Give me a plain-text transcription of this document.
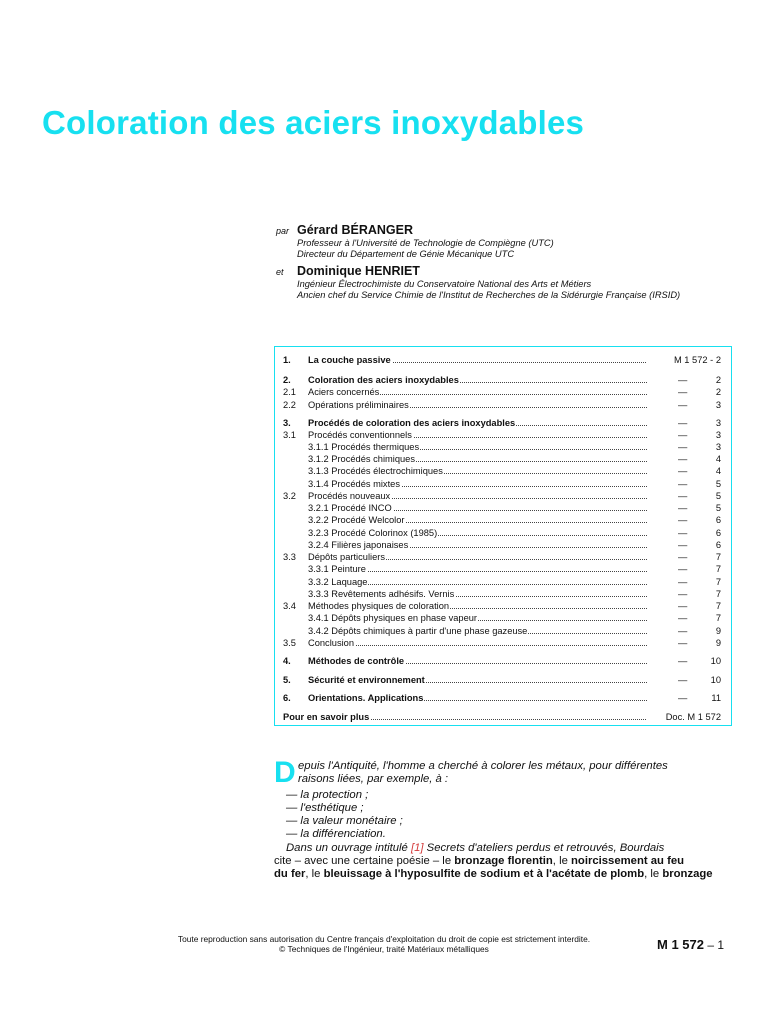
Coloration des aciers inoxydables
par Gérard BÉRANGER
Professeur à l'Université de Technologie de Compiègne (UTC)
Directeur du Département de Génie Mécanique UTC
et	Dominique HENRIET
Ingénieur Électrochimiste du Conservatoire National des Arts et Métiers
Ancien chef du Service Chimie de l'Institut de Recherches de la Sidérurgie Française (IRSID)
1. La couche passive	M 1 572 - 2
2. Coloration des aciers inoxydables	—	2
2.1 Aciers concernés	—	2
2.2 Opérations préliminaires	—	3
3. Procédés de coloration des aciers inoxydables	—	3
3.1 Procédés conventionnels	—	3
3.1.1 Procédés thermiques	—	3
3.1.2 Procédés chimiques	—	4
3.1.3 Procédés électrochimiques	—	4
3.1.4 Procédés mixtes	—	5
3.2 Procédés nouveaux	—	5
3.2.1 Procédé INCO	—	5
3.2.2 Procédé Welcolor	—	6
3.2.3 Procédé Colorinox (1985)	—	6
3.2.4 Filières japonaises	—	6
3.3 Dépôts particuliers	—	7
3.3.1 Peinture	—	7
3.3.2 Laquage	—	7
3.3.3 Revêtements adhésifs. Vernis	—	7
3.4 Méthodes physiques de coloration	—	7
3.4.1 Dépôts physiques en phase vapeur	—	7
3.4.2 Dépôts chimiques à partir d'une phase gazeuse	—	9
3.5 Conclusion	—	9
4. Méthodes de contrôle	—	10
5. Sécurité et environnement	—	10
6. Orientations. Applications	—	11
Pour en savoir plus	Doc. M 1 572
D epuis l'Antiquité, l'homme a cherché à colorer les métaux, pour différentes
raisons liées, par exemple, à :
— la protection ;
— l'esthétique ;
— la valeur monétaire ;
— la différenciation.
Dans un ouvrage intitulé [1] Secrets d'ateliers perdus et retrouvés, Bourdais
cite – avec une certaine poésie – le bronzage florentin, le noircissement au feu
du fer, le bleuissage à l'hyposulfite de sodium et à l'acétate de plomb, le bronzage
Toute reproduction sans autorisation du Centre français d'exploitation du droit de copie est strictement interdite.
© Techniques de l'Ingénieur, traité Matériaux métalliques	M 1 572 – 1
